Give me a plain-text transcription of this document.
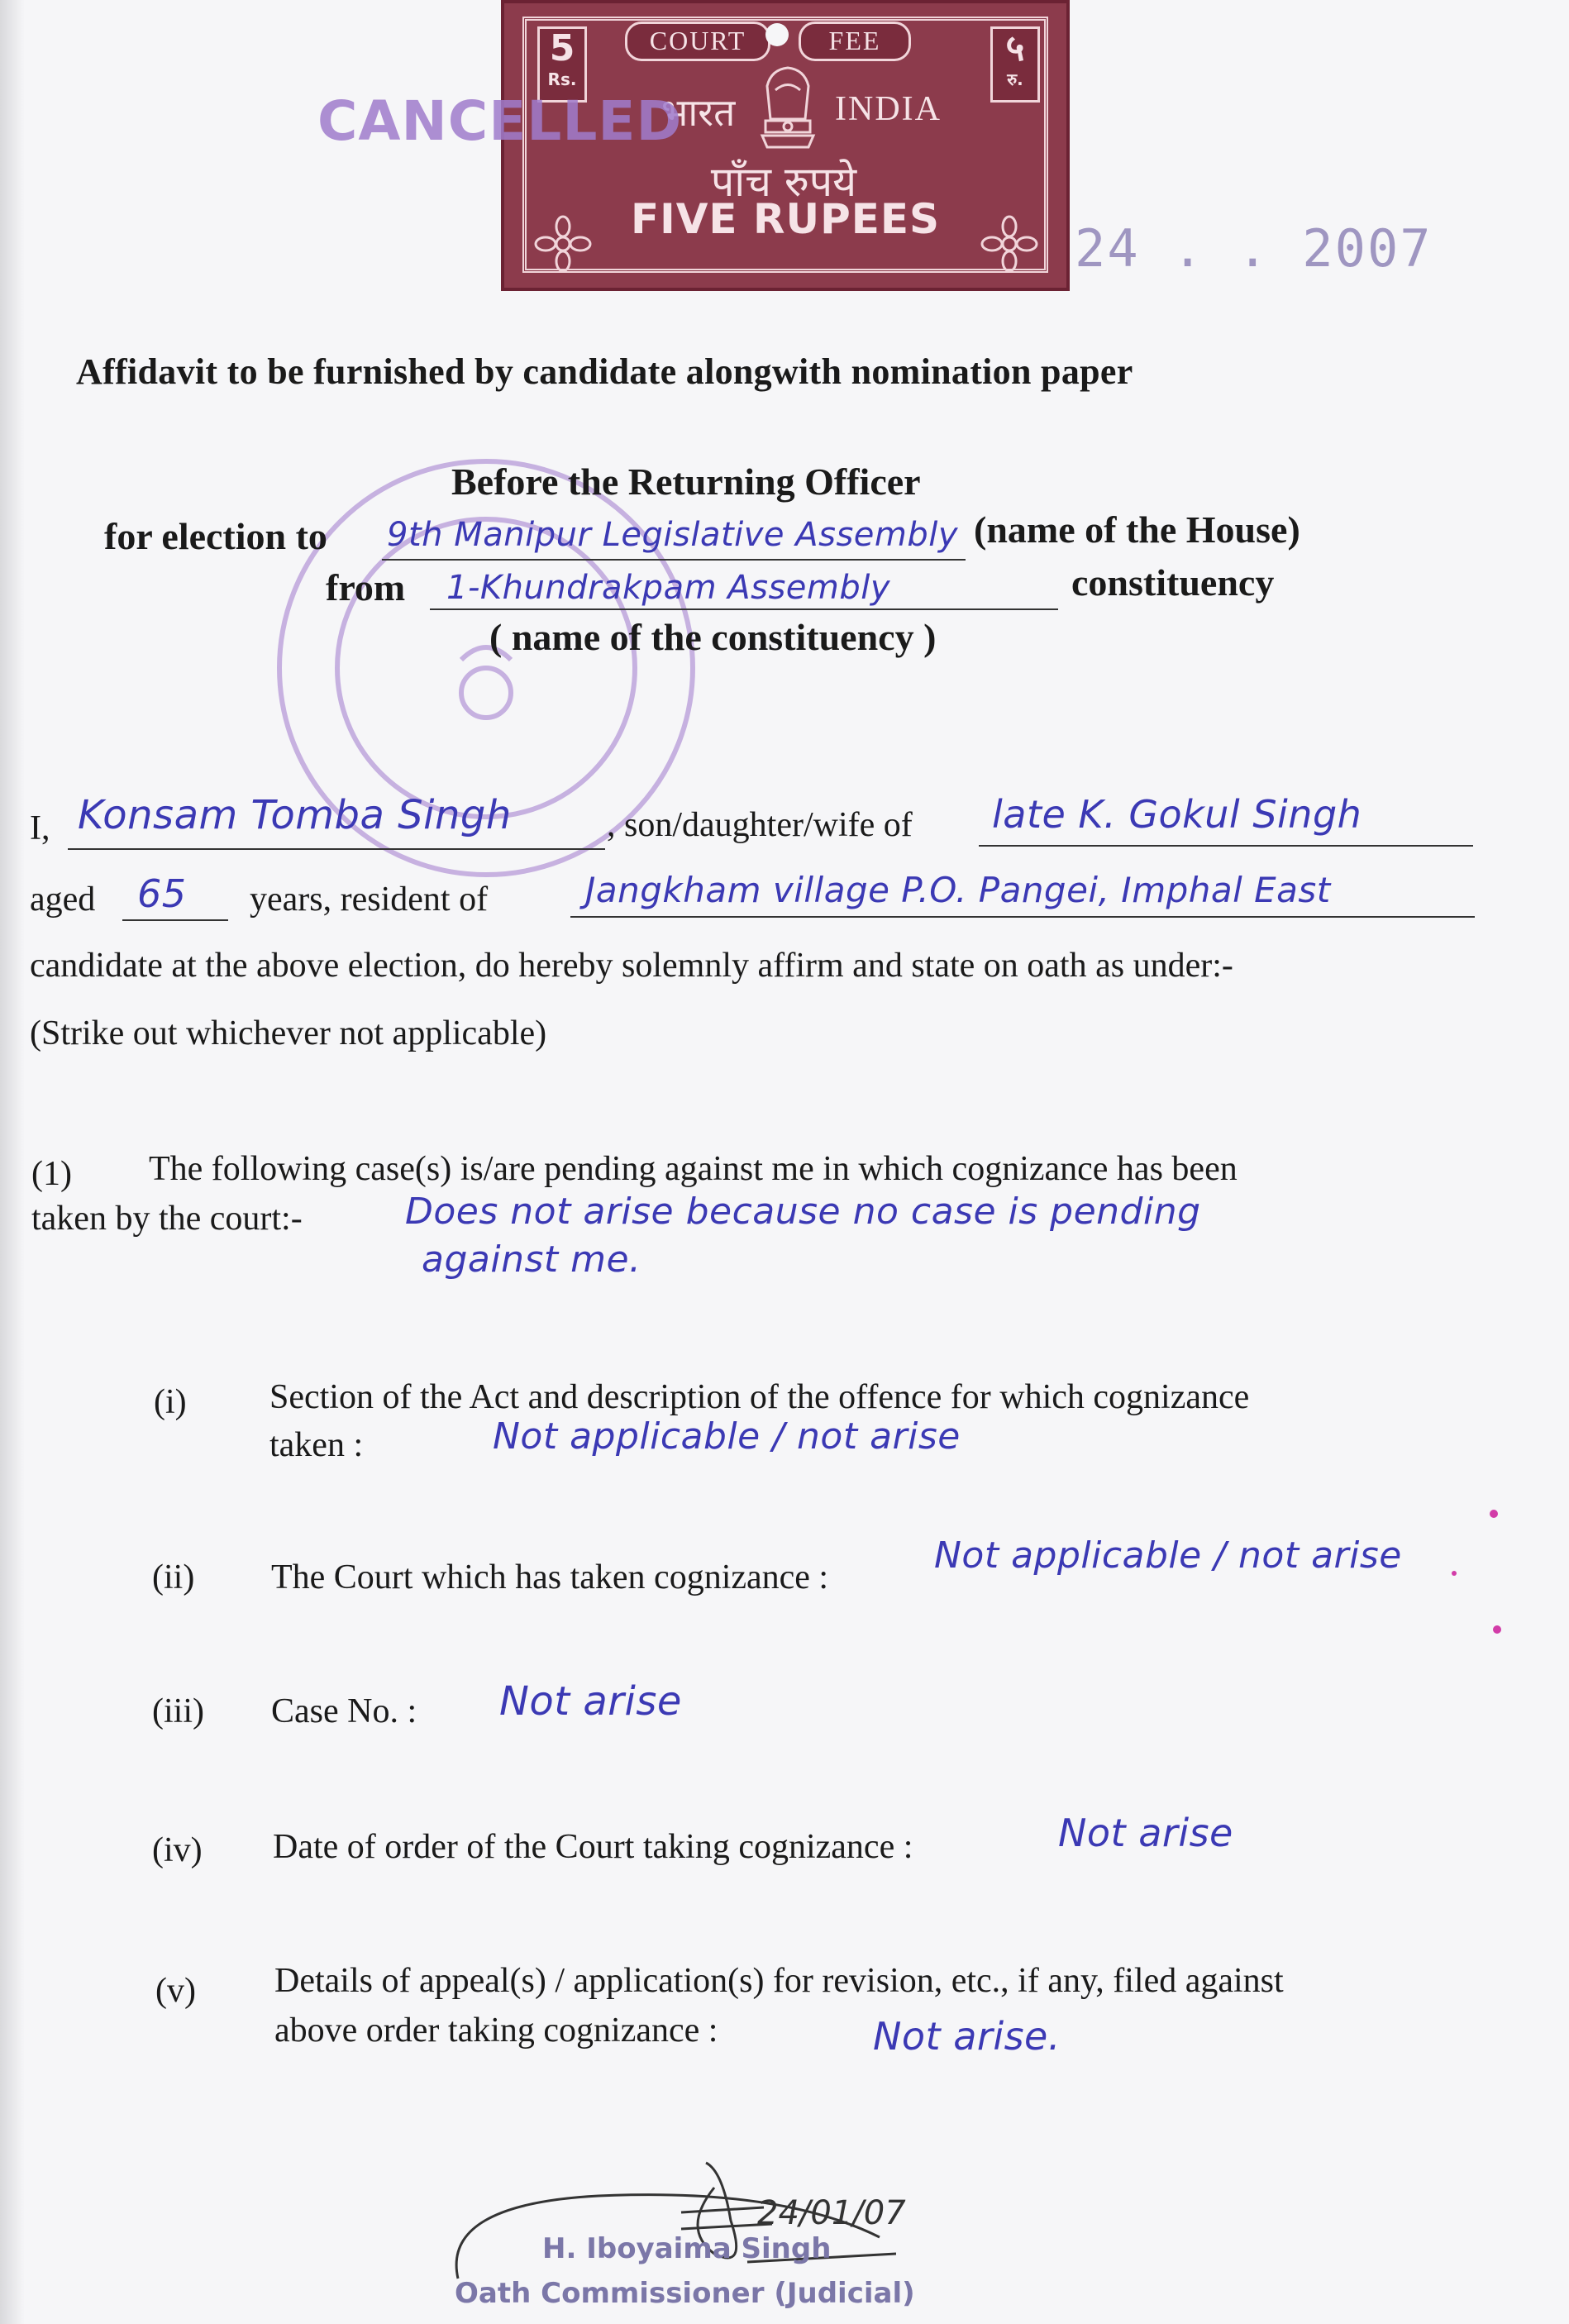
5
Rs.
५
रु.
COURT	FEE
भारत	INDIA
पाँच रुपये
FIVE RUPEES
CANCELLED
24 . . 2007
Affidavit to be furnished by candidate alongwith nomination paper
Before the Returning Officer
for election to 9th Manipur Legislative Assembly (name of the House)
from 1-Khundrakpam Assembly	constituency
( name of the constituency )
I, Konsam Tomba Singh	, son/daughter/wife of late K. Gokul Singh
aged 65 years, resident of	Jangkham village P.O. Pangei, Imphal East
candidate at the above election, do hereby solemnly affirm and state on oath as under:-
(Strike out whichever not applicable)
(1) The following case(s) is/are pending against me in which cognizance has been
taken by the court:-	Does not arise because no case is pending
against me.
(i) Section of the Act and description of the offence for which cognizance
taken :	Not applicable / not arise
(ii) The Court which has taken cognizance :
Not applicable / not arise
(iii) Case No. : Not arise
(iv) Date of order of the Court taking cognizance :	Not arise
(v) Details of appeal(s) / application(s) for revision, etc., if any, filed against
above order taking cognizance :	Not arise.
24/01/07
H. Iboyaima Singh
Oath Commissioner (Judicial)
